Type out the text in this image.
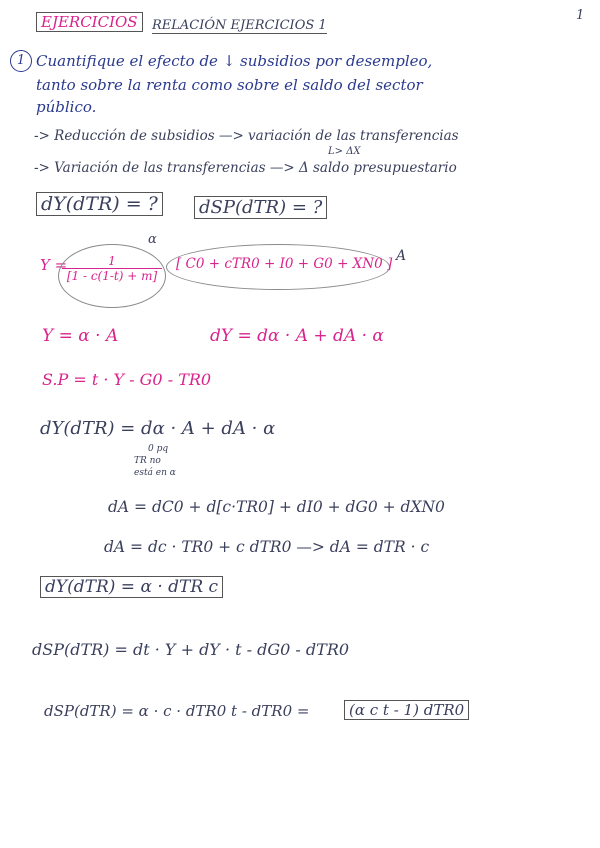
EJERCICIOS	RELACIÓN EJERCICIOS 1
1
1 Cuantifique el efecto de ↓ subsidios por desempleo,
tanto sobre la renta como sobre el saldo del sector
público.
-> Reducción de subsidios —> variación de las transferencias
L> ΔX
-> Variación de las transferencias —> Δ saldo presupuestario
dY(dTR) = ? dSP(dTR) = ?
Y =	1
[1 - c(1-t) + m]
α
[ C0 + cTR0 + I0 + G0 + XN0 ] A
Y = α · A	dY = dα · A + dA · α
S.P = t · Y - G0 - TR0
dY(dTR) = dα · A + dA · α
0 pq
TR no
está en α
dA = dC0 + d[c·TR0] + dI0 + dG0 + dXN0
dA = dc · TR0 + c dTR0 —> dA = dTR · c
dY(dTR) = α · dTR c
dSP(dTR) = dt · Y + dY · t - dG0 - dTR0
dSP(dTR) = α · c · dTR0 t - dTR0 =	(α c t - 1) dTR0
